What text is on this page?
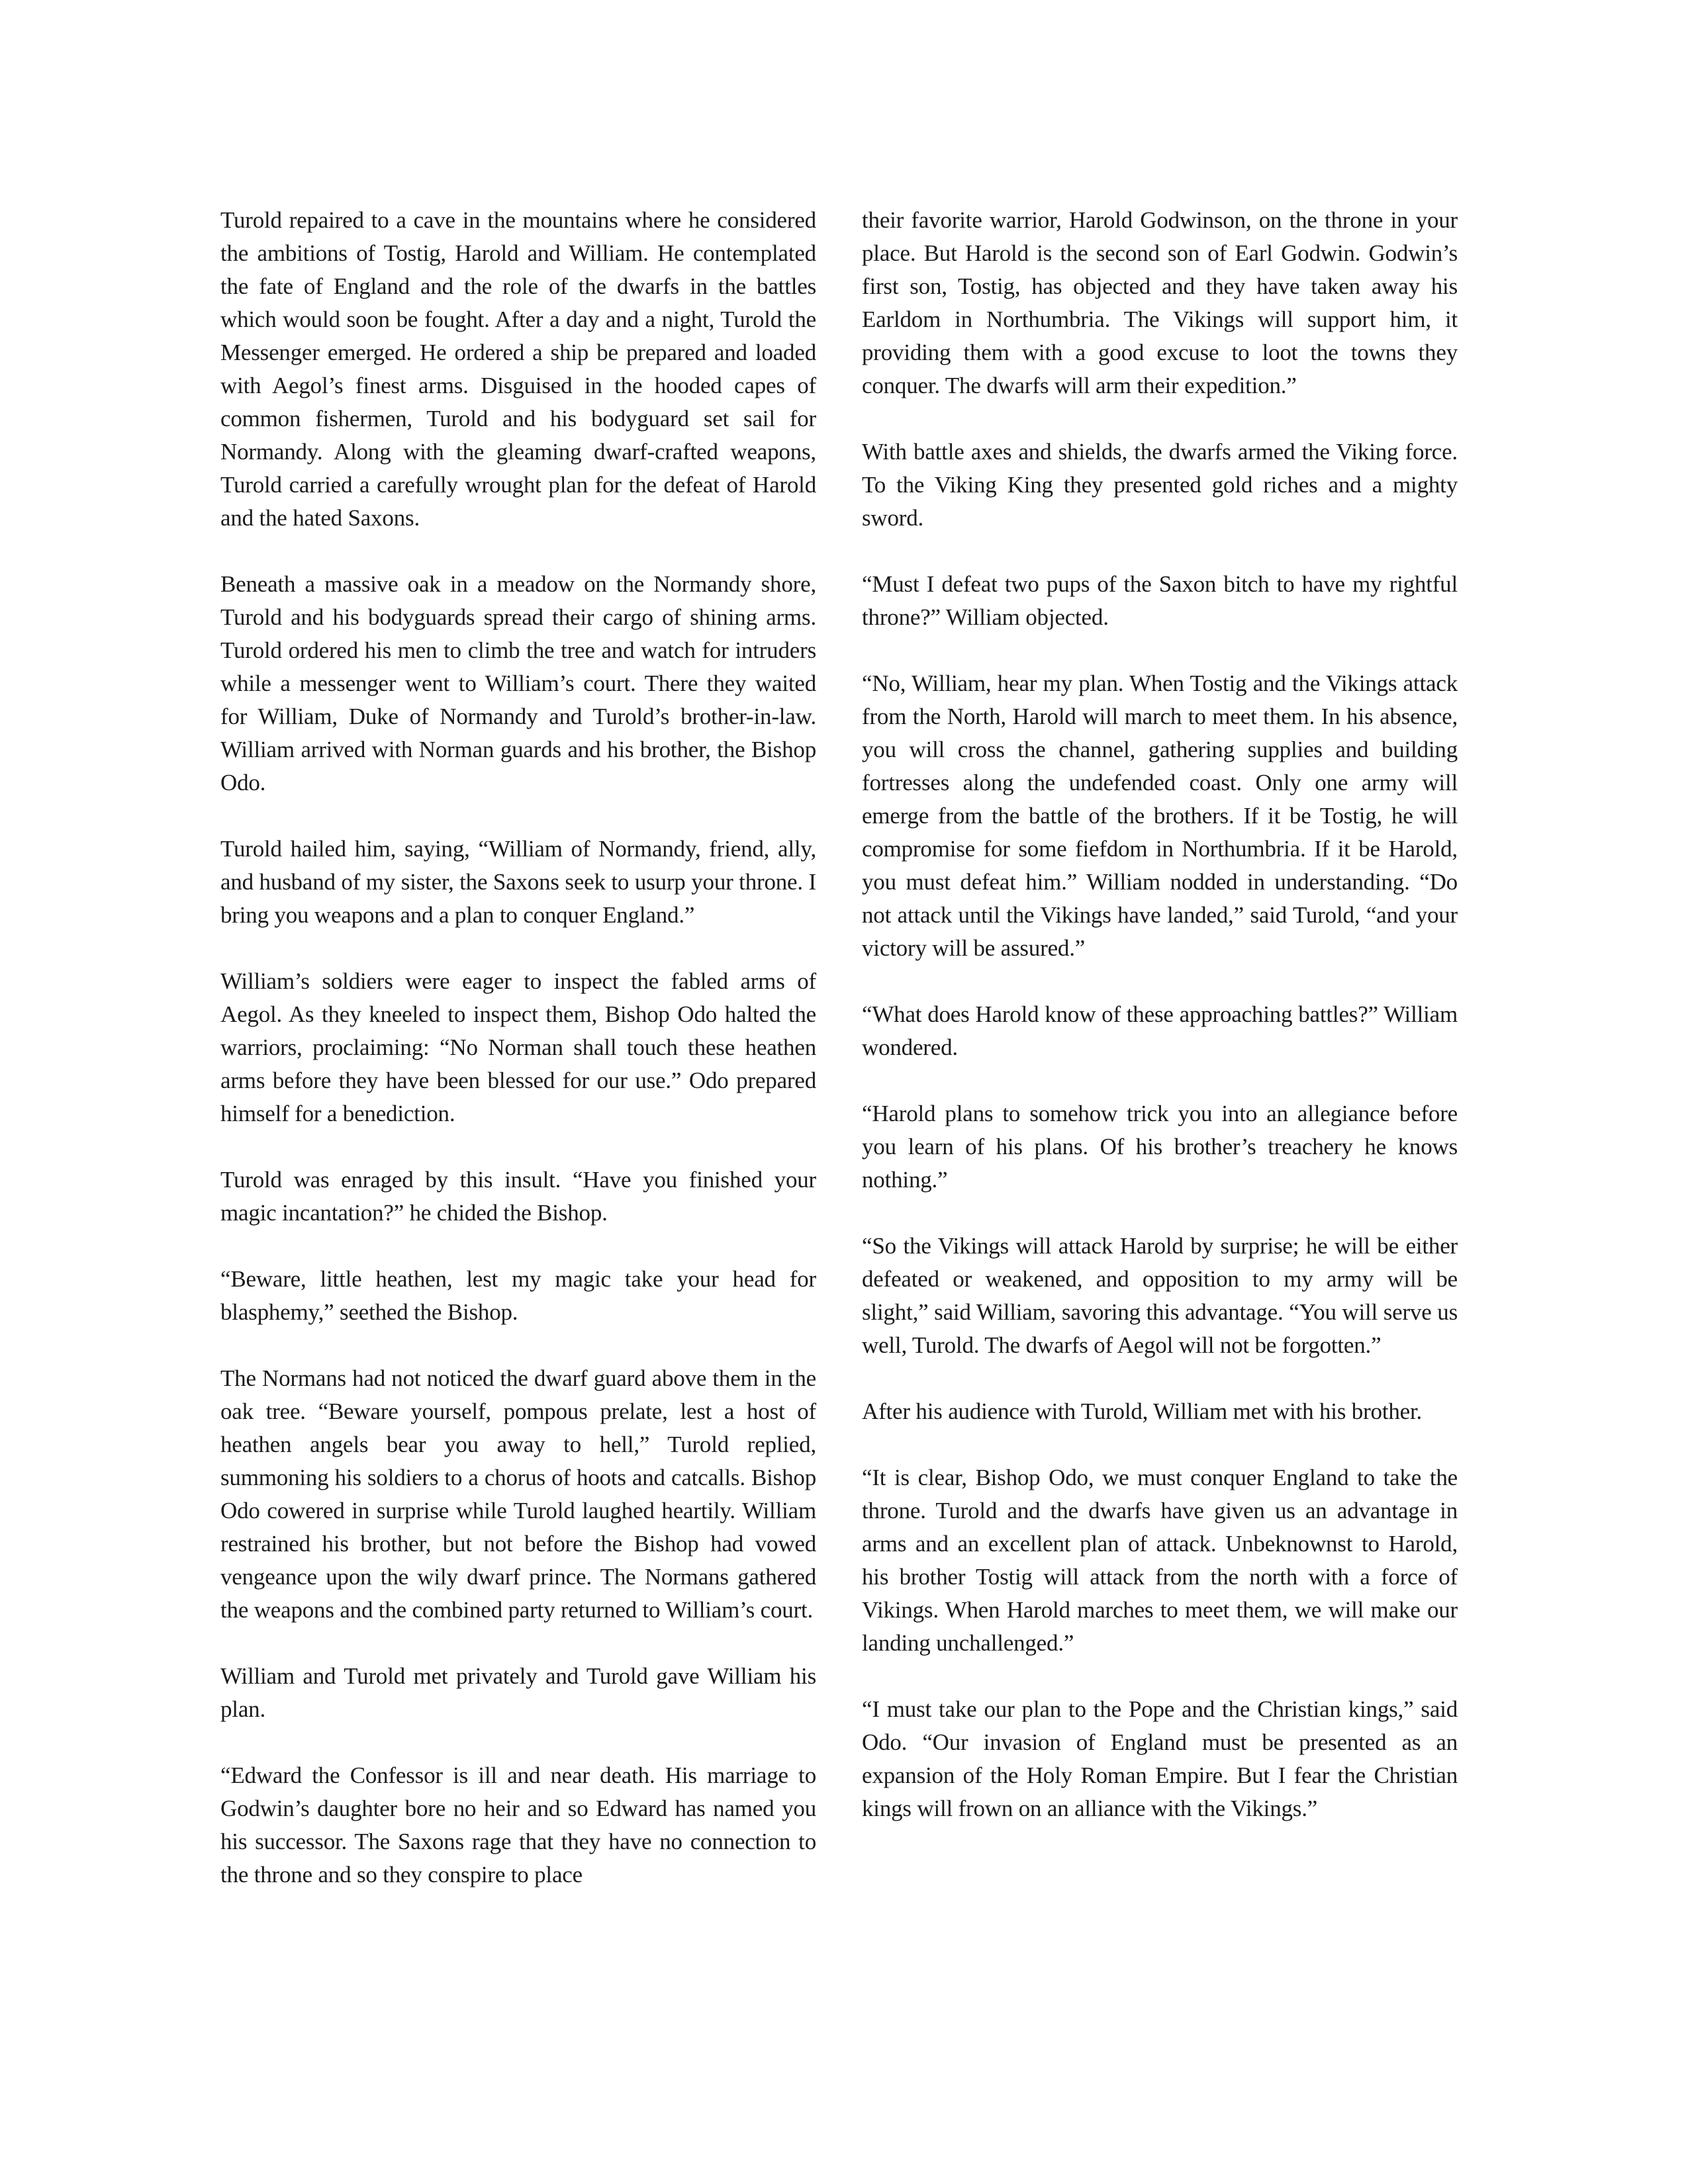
Turold repaired to a cave in the mountains where he considered the ambitions of Tostig, Harold and William. He contemplated the fate of England and the role of the dwarfs in the battles which would soon be fought. After a day and a night, Turold the Messenger emerged. He ordered a ship be prepared and loaded with Aegol’s finest arms. Disguised in the hooded capes of common fishermen, Turold and his bodyguard set sail for Normandy. Along with the gleaming dwarf-crafted weapons, Turold carried a carefully wrought plan for the defeat of Harold and the hated Saxons.

Beneath a massive oak in a meadow on the Normandy shore, Turold and his bodyguards spread their cargo of shining arms. Turold ordered his men to climb the tree and watch for intruders while a messenger went to William’s court. There they waited for William, Duke of Normandy and Turold’s brother-in-law. William arrived with Norman guards and his brother, the Bishop Odo.

Turold hailed him, saying, “William of Normandy, friend, ally, and husband of my sister, the Saxons seek to usurp your throne. I bring you weapons and a plan to conquer England.”

William’s soldiers were eager to inspect the fabled arms of Aegol. As they kneeled to inspect them, Bishop Odo halted the warriors, proclaiming: “No Norman shall touch these heathen arms before they have been blessed for our use.” Odo prepared himself for a benediction.

Turold was enraged by this insult. “Have you finished your magic incantation?” he chided the Bishop.

“Beware, little heathen, lest my magic take your head for blasphemy,” seethed the Bishop.

The Normans had not noticed the dwarf guard above them in the oak tree. “Beware yourself, pompous prelate, lest a host of heathen angels bear you away to hell,” Turold replied, summoning his soldiers to a chorus of hoots and catcalls. Bishop Odo cowered in surprise while Turold laughed heartily. William restrained his brother, but not before the Bishop had vowed vengeance upon the wily dwarf prince. The Normans gathered the weapons and the combined party returned to William’s court.

William and Turold met privately and Turold gave William his plan.

“Edward the Confessor is ill and near death. His marriage to Godwin’s daughter bore no heir and so Edward has named you his successor. The Saxons rage that they have no connection to the throne and so they conspire to place

their favorite warrior, Harold Godwinson, on the throne in your place. But Harold is the second son of Earl Godwin. Godwin’s first son, Tostig, has objected and they have taken away his Earldom in Northumbria. The Vikings will support him, it providing them with a good excuse to loot the towns they conquer. The dwarfs will arm their expedition.”

With battle axes and shields, the dwarfs armed the Viking force. To the Viking King they presented gold riches and a mighty sword.

“Must I defeat two pups of the Saxon bitch to have my rightful throne?” William objected.

“No, William, hear my plan. When Tostig and the Vikings attack from the North, Harold will march to meet them. In his absence, you will cross the channel, gathering supplies and building fortresses along the undefended coast. Only one army will emerge from the battle of the brothers. If it be Tostig, he will compromise for some fiefdom in Northumbria. If it be Harold, you must defeat him.” William nodded in understanding. “Do not attack until the Vikings have landed,” said Turold, “and your victory will be assured.”

“What does Harold know of these approaching battles?” William wondered.

“Harold plans to somehow trick you into an allegiance before you learn of his plans. Of his brother’s treachery he knows nothing.”

“So the Vikings will attack Harold by surprise; he will be either defeated or weakened, and opposition to my army will be slight,” said William, savoring this advantage. “You will serve us well, Turold. The dwarfs of Aegol will not be forgotten.”

After his audience with Turold, William met with his brother.

“It is clear, Bishop Odo, we must conquer England to take the throne. Turold and the dwarfs have given us an advantage in arms and an excellent plan of attack. Unbeknownst to Harold, his brother Tostig will attack from the north with a force of Vikings. When Harold marches to meet them, we will make our landing unchallenged.”

“I must take our plan to the Pope and the Christian kings,” said Odo. “Our invasion of England must be presented as an expansion of the Holy Roman Empire. But I fear the Christian kings will frown on an alliance with the Vikings.”
